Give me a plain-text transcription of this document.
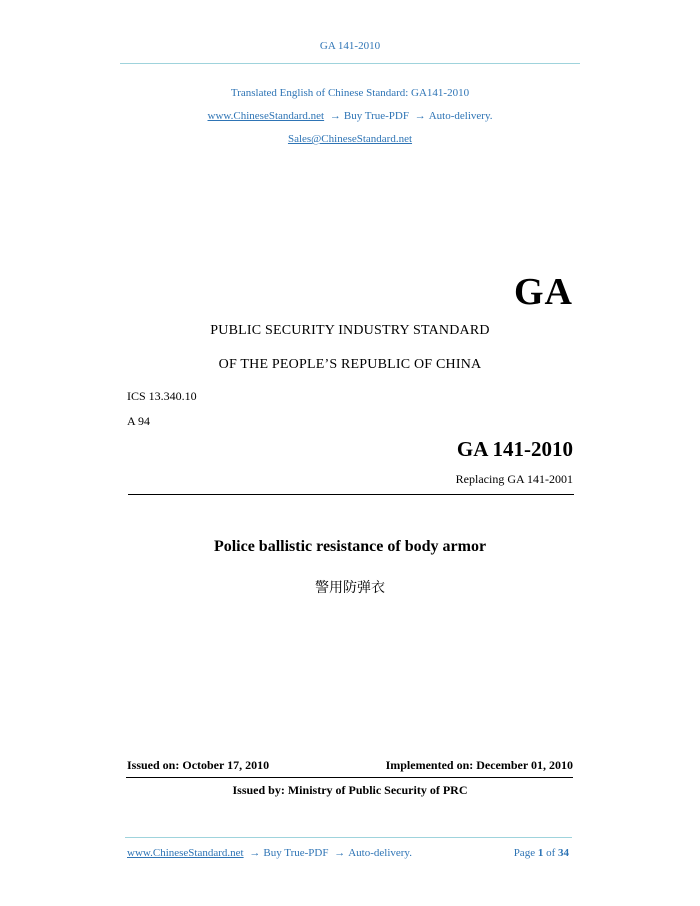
GA 141-2010
Translated English of Chinese Standard: GA141-2010
www.ChineseStandard.net → Buy True-PDF → Auto-delivery.
Sales@ChineseStandard.net
GA
PUBLIC SECURITY INDUSTRY STANDARD
OF THE PEOPLE’S REPUBLIC OF CHINA
ICS 13.340.10
A 94
GA 141-2010
Replacing GA 141-2001
Police ballistic resistance of body armor
警用防弹衣
Issued on: October 17, 2010	Implemented on: December 01, 2010
Issued by: Ministry of Public Security of PRC
www.ChineseStandard.net → Buy True-PDF → Auto-delivery.	Page 1 of 34
